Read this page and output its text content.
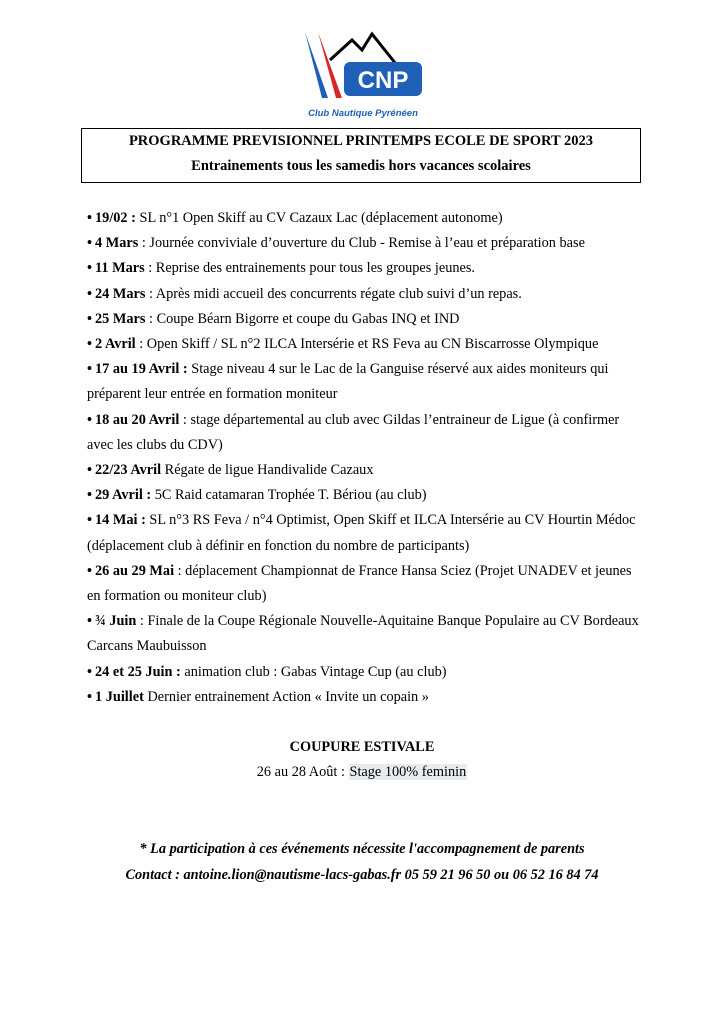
CNP
Club Nautique Pyrénéen
PROGRAMME PREVISIONNEL PRINTEMPS ECOLE DE SPORT 2023
Entrainements tous les samedis hors vacances scolaires
• 19/02 : SL n°1 Open Skiff au CV Cazaux Lac (déplacement autonome)
• 4 Mars : Journée conviviale d’ouverture du Club - Remise à l’eau et préparation base
• 11 Mars : Reprise des entrainements pour tous les groupes jeunes.
• 24 Mars : Après midi accueil des concurrents régate club suivi d’un repas.
• 25 Mars : Coupe Béarn Bigorre et coupe du Gabas INQ et IND
• 2 Avril : Open Skiff / SL n°2 ILCA Intersérie et RS Feva au CN Biscarrosse Olympique
• 17 au 19 Avril : Stage niveau 4 sur le Lac de la Ganguise réservé aux aides moniteurs qui préparent leur entrée en formation moniteur
• 18 au 20 Avril : stage départemental au club avec Gildas l’entraineur de Ligue (à confirmer avec les clubs du CDV)
• 22/23 Avril Régate de ligue Handivalide Cazaux
• 29 Avril : 5C Raid catamaran Trophée T. Bériou (au club)
• 14 Mai : SL n°3 RS Feva / n°4 Optimist, Open Skiff et ILCA Intersérie au CV Hourtin Médoc (déplacement club à définir en fonction du nombre de participants)
• 26 au 29 Mai : déplacement Championnat de France Hansa Sciez (Projet UNADEV et jeunes en formation ou moniteur club)
• ¾ Juin : Finale de la Coupe Régionale Nouvelle-Aquitaine Banque Populaire au CV Bordeaux Carcans Maubuisson
• 24 et 25 Juin : animation club : Gabas Vintage Cup (au club)
• 1 Juillet Dernier entrainement Action « Invite un copain »
COUPURE ESTIVALE
26 au 28 Août : Stage 100% feminin
* La participation à ces événements nécessite l'accompagnement de parents
Contact : antoine.lion@nautisme-lacs-gabas.fr 05 59 21 96 50 ou 06 52 16 84 74
